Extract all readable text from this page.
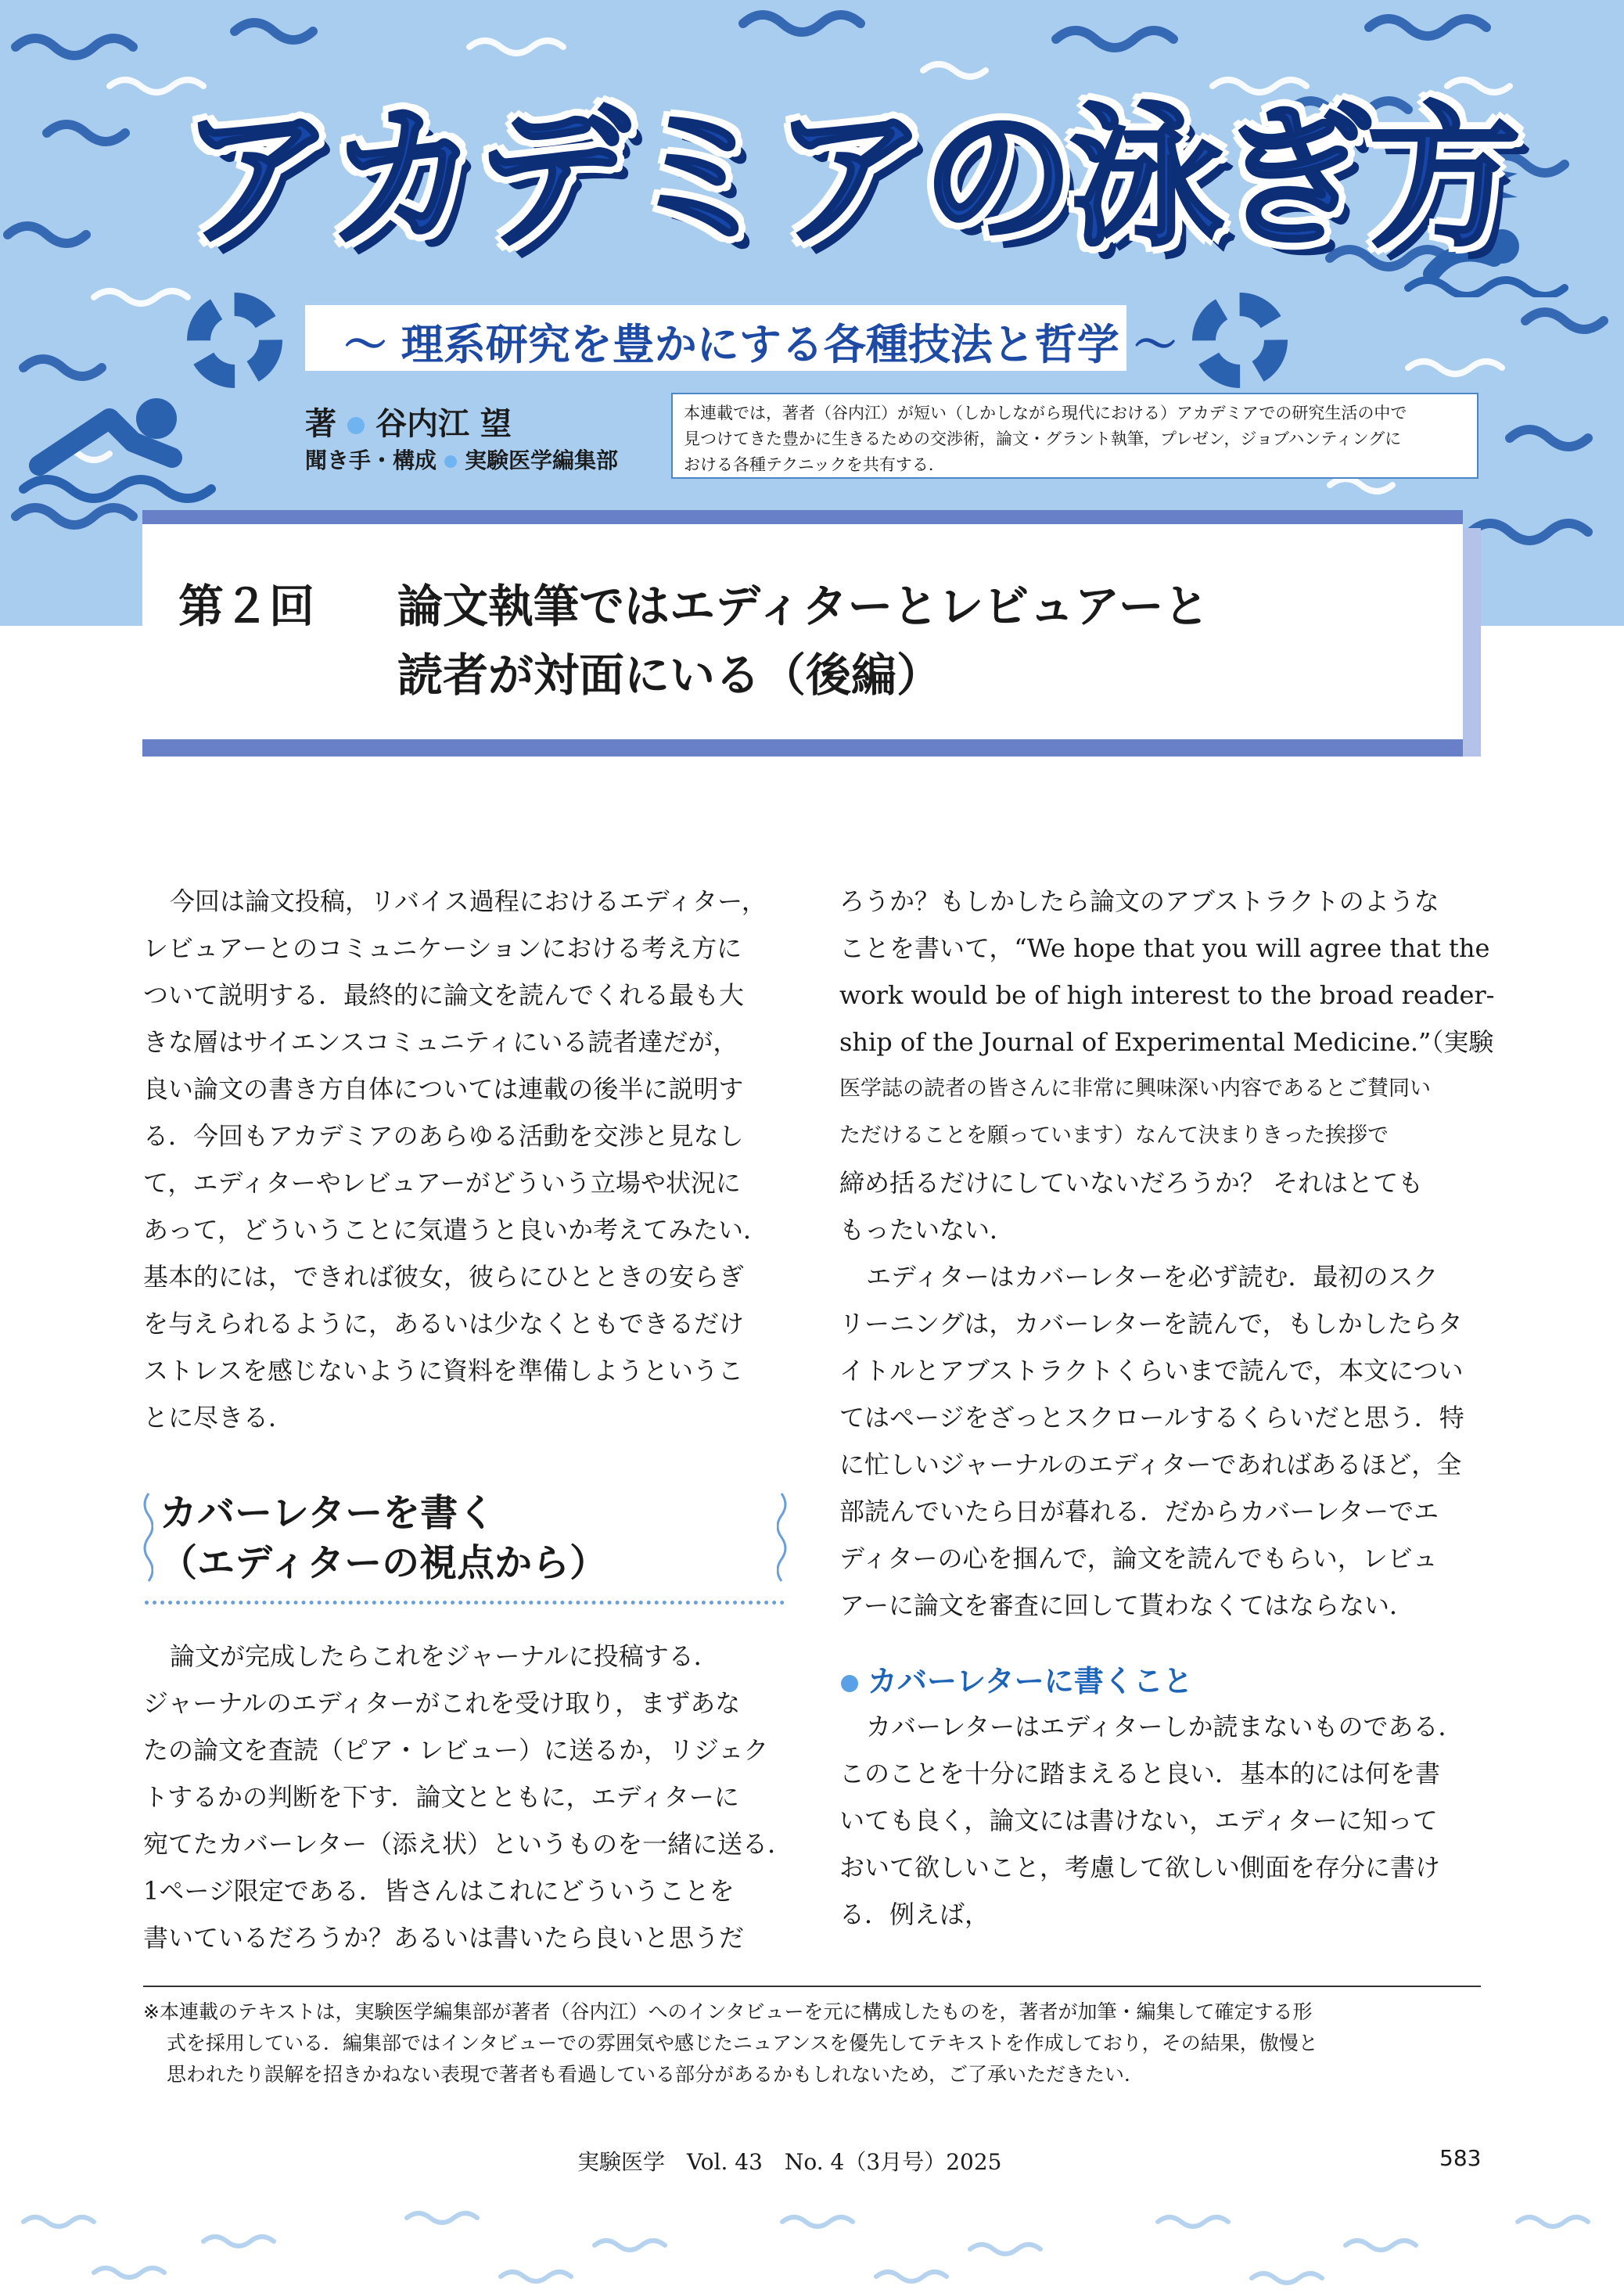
アカデミアの泳ぎ方
〜 理系研究を豊かにする各種技法と哲学 〜
著 谷内江 望
聞き手・構成 実験医学編集部
本連載では，著者（谷内江）が短い（しかしながら現代における）アカデミアでの研究生活の中で
見つけてきた豊かに生きるための交渉術，論文・グラント執筆，プレゼン，ジョブハンティングに
おける各種テクニックを共有する．
第２回 論文執筆ではエディターとレビュアーと
読者が対面にいる（後編）
今回は論文投稿，リバイス過程におけるエディター，
レビュアーとのコミュニケーションにおける考え方に
ついて説明する．最終的に論文を読んでくれる最も大
きな層はサイエンスコミュニティにいる読者達だが，
良い論文の書き方自体については連載の後半に説明す
る．今回もアカデミアのあらゆる活動を交渉と見なし
て，エディターやレビュアーがどういう立場や状況に
あって，どういうことに気遣うと良いか考えてみたい．
基本的には，できれば彼女，彼らにひとときの安らぎ
を与えられるように，あるいは少なくともできるだけ
ストレスを感じないように資料を準備しようというこ
とに尽きる．
カバーレターを書く
（エディターの視点から）
論文が完成したらこれをジャーナルに投稿する．
ジャーナルのエディターがこれを受け取り，まずあな
たの論文を査読（ピア・レビュー）に送るか，リジェク
トするかの判断を下す．論文とともに，エディターに
宛てたカバーレター（添え状）というものを一緒に送る．
1ページ限定である．皆さんはこれにどういうことを
書いているだろうか？あるいは書いたら良いと思うだ
ろうか？もしかしたら論文のアブストラクトのような
ことを書いて，“We hope that you will agree that the
work would be of high interest to the broad reader-
ship of the Journal of Experimental Medicine.”（実験
医学誌の読者の皆さんに非常に興味深い内容であるとご賛同い
ただけることを願っています）なんて決まりきった挨拶で
締め括るだけにしていないだろうか？ それはとても
もったいない．
エディターはカバーレターを必ず読む．最初のスク
リーニングは，カバーレターを読んで，もしかしたらタ
イトルとアブストラクトくらいまで読んで，本文につい
てはページをざっとスクロールするくらいだと思う．特
に忙しいジャーナルのエディターであればあるほど，全
部読んでいたら日が暮れる．だからカバーレターでエ
ディターの心を掴んで，論文を読んでもらい，レビュ
アーに論文を審査に回して貰わなくてはならない．
カバーレターに書くこと
カバーレターはエディターしか読まないものである．
このことを十分に踏まえると良い．基本的には何を書
いても良く，論文には書けない，エディターに知って
おいて欲しいこと，考慮して欲しい側面を存分に書け
る．例えば，
※本連載のテキストは，実験医学編集部が著者（谷内江）へのインタビューを元に構成したものを，著者が加筆・編集して確定する形
式を採用している．編集部ではインタビューでの雰囲気や感じたニュアンスを優先してテキストを作成しており，その結果，傲慢と
思われたり誤解を招きかねない表現で著者も看過している部分があるかもしれないため，ご了承いただきたい．
実験医学　Vol. 43　No. 4（3月号）2025	583
